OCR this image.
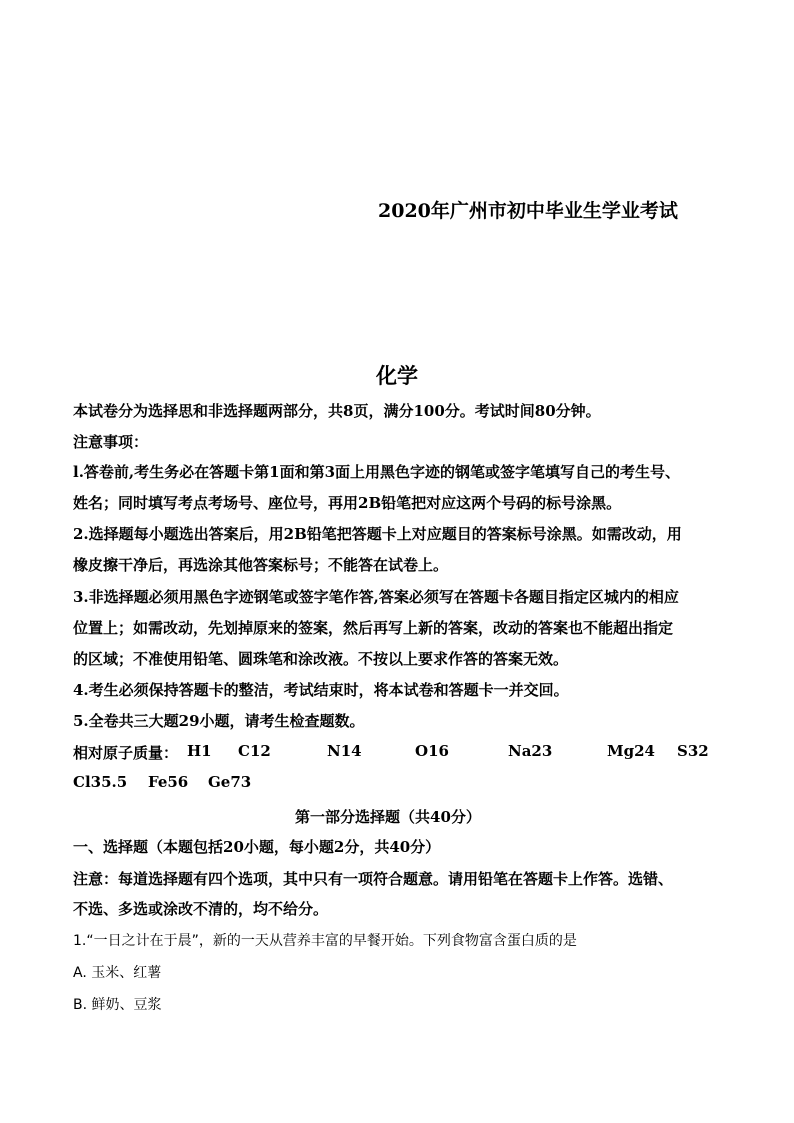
2020年广州市初中毕业生学业考试
化学
本试卷分为选择思和非选择题两部分，共8页，满分100分。考试时间80分钟。
注意事项：
l.答卷前,考生务必在答题卡第1面和第3面上用黑色字迹的钢笔或签字笔填写自己的考生号、
姓名；同时填写考点考场号、座位号，再用2B铅笔把对应这两个号码的标号涂黑。
2.选择题每小题选出答案后，用2B铅笔把答题卡上对应题目的答案标号涂黑。如需改动，用
橡皮擦干净后，再选涂其他答案标号；不能答在试卷上。
3.非选择题必须用黑色字迹钢笔或签字笔作答,答案必须写在答题卡各题目指定区城内的相应
位置上；如需改动，先划掉原来的签案，然后再写上新的答案，改动的答案也不能超出指定
的区域；不准使用铅笔、圆珠笔和涂改液。不按以上要求作答的答案无效。
4.考生必须保持答题卡的整洁，考试结束时，将本试卷和答题卡一并交回。
5.全卷共三大题29小题，请考生检查题数。
相对原子质量： H1 C12	N14	O16	Na23	Mg24 S32
Cl35.5 Fe56 Ge73
第一部分选择题（共40分）
一、选择题（本题包括20小题，每小题2分，共40分）
注意：每道选择题有四个选项，其中只有一项符合题意。请用铅笔在答题卡上作答。选错、
不选、多选或涂改不清的，均不给分。
1.“一日之计在于晨”，新的一天从营养丰富的早餐开始。下列食物富含蛋白质的是
A. 玉米、红薯
B. 鲜奶、豆浆
